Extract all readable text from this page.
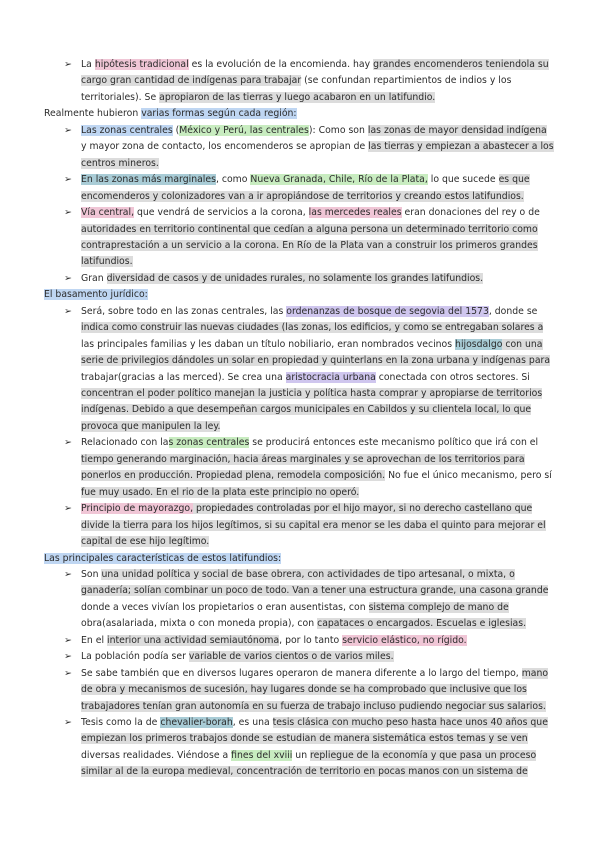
➢ La hipótesis tradicional es la evolución de la encomienda. hay grandes encomenderos teniendola su
cargo gran cantidad de indígenas para trabajar (se confundan repartimientos de indios y los
territoriales). Se apropiaron de las tierras y luego acabaron en un latifundio.
Realmente hubieron varias formas según cada región:
➢ Las zonas centrales (México y Perú, las centrales): Como son las zonas de mayor densidad indígena
y mayor zona de contacto, los encomenderos se apropian de las tierras y empiezan a abastecer a los
centros mineros.
➢ En las zonas más marginales, como Nueva Granada, Chile, Río de la Plata, lo que sucede es que
encomenderos y colonizadores van a ir apropiándose de territorios y creando estos latifundios.
➢ Vía central, que vendrá de servicios a la corona, las mercedes reales eran donaciones del rey o de
autoridades en territorio continental que cedían a alguna persona un determinado territorio como
contraprestación a un servicio a la corona. En Río de la Plata van a construir los primeros grandes
latifundios.
➢ Gran diversidad de casos y de unidades rurales, no solamente los grandes latifundios.
El basamento jurídico:
➢ Será, sobre todo en las zonas centrales, las ordenanzas de bosque de segovia del 1573, donde se
indica como construir las nuevas ciudades (las zonas, los edificios, y como se entregaban solares a
las principales familias y les daban un título nobiliario, eran nombrados vecinos hijosdalgo con una
serie de privilegios dándoles un solar en propiedad y quinterlans en la zona urbana y indígenas para
trabajar(gracias a las merced). Se crea una aristocracia urbana conectada con otros sectores. Si
concentran el poder político manejan la justicia y política hasta comprar y apropiarse de territorios
indígenas. Debido a que desempeñan cargos municipales en Cabildos y su clientela local, lo que
provoca que manipulen la ley.
➢ Relacionado con las zonas centrales se producirá entonces este mecanismo político que irá con el
tiempo generando marginación, hacia áreas marginales y se aprovechan de los territorios para
ponerlos en producción. Propiedad plena, remodela composición. No fue el único mecanismo, pero sí
fue muy usado. En el rio de la plata este principio no operó.
➢ Principio de mayorazgo, propiedades controladas por el hijo mayor, si no derecho castellano que
divide la tierra para los hijos legítimos, si su capital era menor se les daba el quinto para mejorar el
capital de ese hijo legítimo.
Las principales características de estos latifundios:
➢ Son una unidad política y social de base obrera, con actividades de tipo artesanal, o mixta, o
ganadería; solían combinar un poco de todo. Van a tener una estructura grande, una casona grande
donde a veces vivían los propietarios o eran ausentistas, con sistema complejo de mano de
obra(asalariada, mixta o con moneda propia), con capataces o encargados. Escuelas e iglesias.
➢ En el interior una actividad semiautónoma, por lo tanto servicio elástico, no rígido.
➢ La población podía ser variable de varios cientos o de varios miles.
➢ Se sabe también que en diversos lugares operaron de manera diferente a lo largo del tiempo, mano
de obra y mecanismos de sucesión, hay lugares donde se ha comprobado que inclusive que los
trabajadores tenían gran autonomía en su fuerza de trabajo incluso pudiendo negociar sus salarios.
➢ Tesis como la de chevalier-borah, es una tesis clásica con mucho peso hasta hace unos 40 años que
empiezan los primeros trabajos donde se estudian de manera sistemática estos temas y se ven
diversas realidades. Viéndose a fines del xviii un repliegue de la economía y que pasa un proceso
similar al de la europa medieval, concentración de territorio en pocas manos con un sistema de
